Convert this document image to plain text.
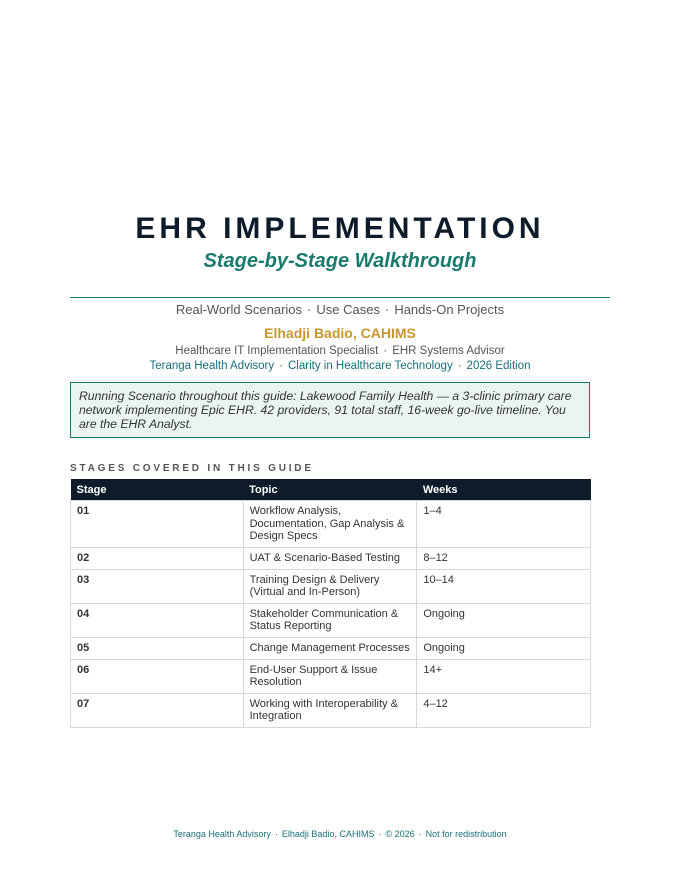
EHR IMPLEMENTATION
Stage-by-Stage Walkthrough
Real-World Scenarios · Use Cases · Hands-On Projects
Elhadji Badio, CAHIMS
Healthcare IT Implementation Specialist · EHR Systems Advisor
Teranga Health Advisory · Clarity in Healthcare Technology · 2026 Edition
Running Scenario throughout this guide: Lakewood Family Health — a 3-clinic primary care network implementing Epic EHR. 42 providers, 91 total staff, 16-week go-live timeline. You are the EHR Analyst.
STAGES COVERED IN THIS GUIDE
Stage	Topic	Weeks
01	Workflow Analysis, Documentation, Gap Analysis & Design Specs	1–4
02	UAT & Scenario-Based Testing	8–12
03	Training Design & Delivery (Virtual and In-Person)	10–14
04	Stakeholder Communication & Status Reporting	Ongoing
05	Change Management Processes	Ongoing
06	End-User Support & Issue Resolution	14+
07	Working with Interoperability & Integration	4–12
Teranga Health Advisory · Elhadji Badio, CAHIMS · © 2026 · Not for redistribution
